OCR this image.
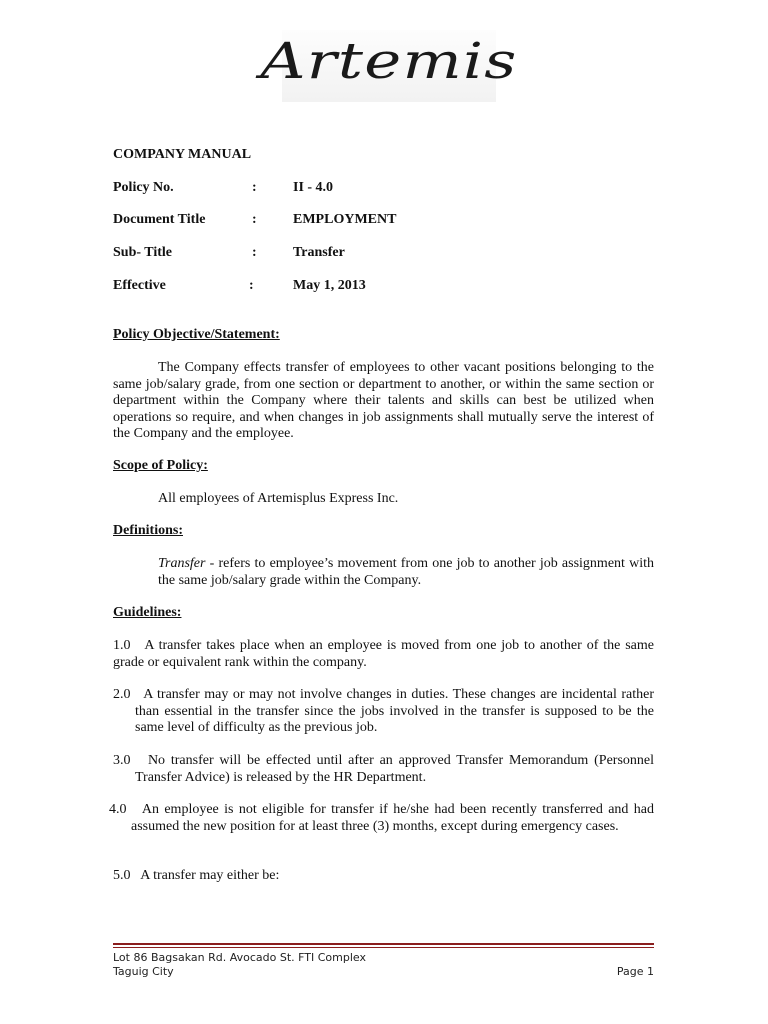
Artemis
COMPANY MANUAL
Policy No.	:	II - 4.0
Document Title	:	EMPLOYMENT
Sub- Title	:	Transfer
Effective	:	May 1, 2013
Policy Objective/Statement:
The Company effects transfer of employees to other vacant positions belonging to the same job/salary grade, from one section or department to another, or within the same section or department within the Company where their talents and skills can best be utilized when operations so require, and when changes in job assignments shall mutually serve the interest of the Company and the employee.
Scope of Policy:
All employees of Artemisplus Express Inc.
Definitions:
Transfer - refers to employee’s movement from one job to another job assignment with the same job/salary grade within the Company.
Guidelines:
1.0 A transfer takes place when an employee is moved from one job to another of the same grade or equivalent rank within the company.
2.0 A transfer may or may not involve changes in duties. These changes are incidental rather than essential in the transfer since the jobs involved in the transfer is supposed to be the same level of difficulty as the previous job.
3.0 No transfer will be effected until after an approved Transfer Memorandum (Personnel Transfer Advice) is released by the HR Department.
4.0 An employee is not eligible for transfer if he/she had been recently transferred and had assumed the new position for at least three (3) months, except during emergency cases.
5.0 A transfer may either be:
Lot 86 Bagsakan Rd. Avocado St. FTI Complex
Taguig City	Page 1
